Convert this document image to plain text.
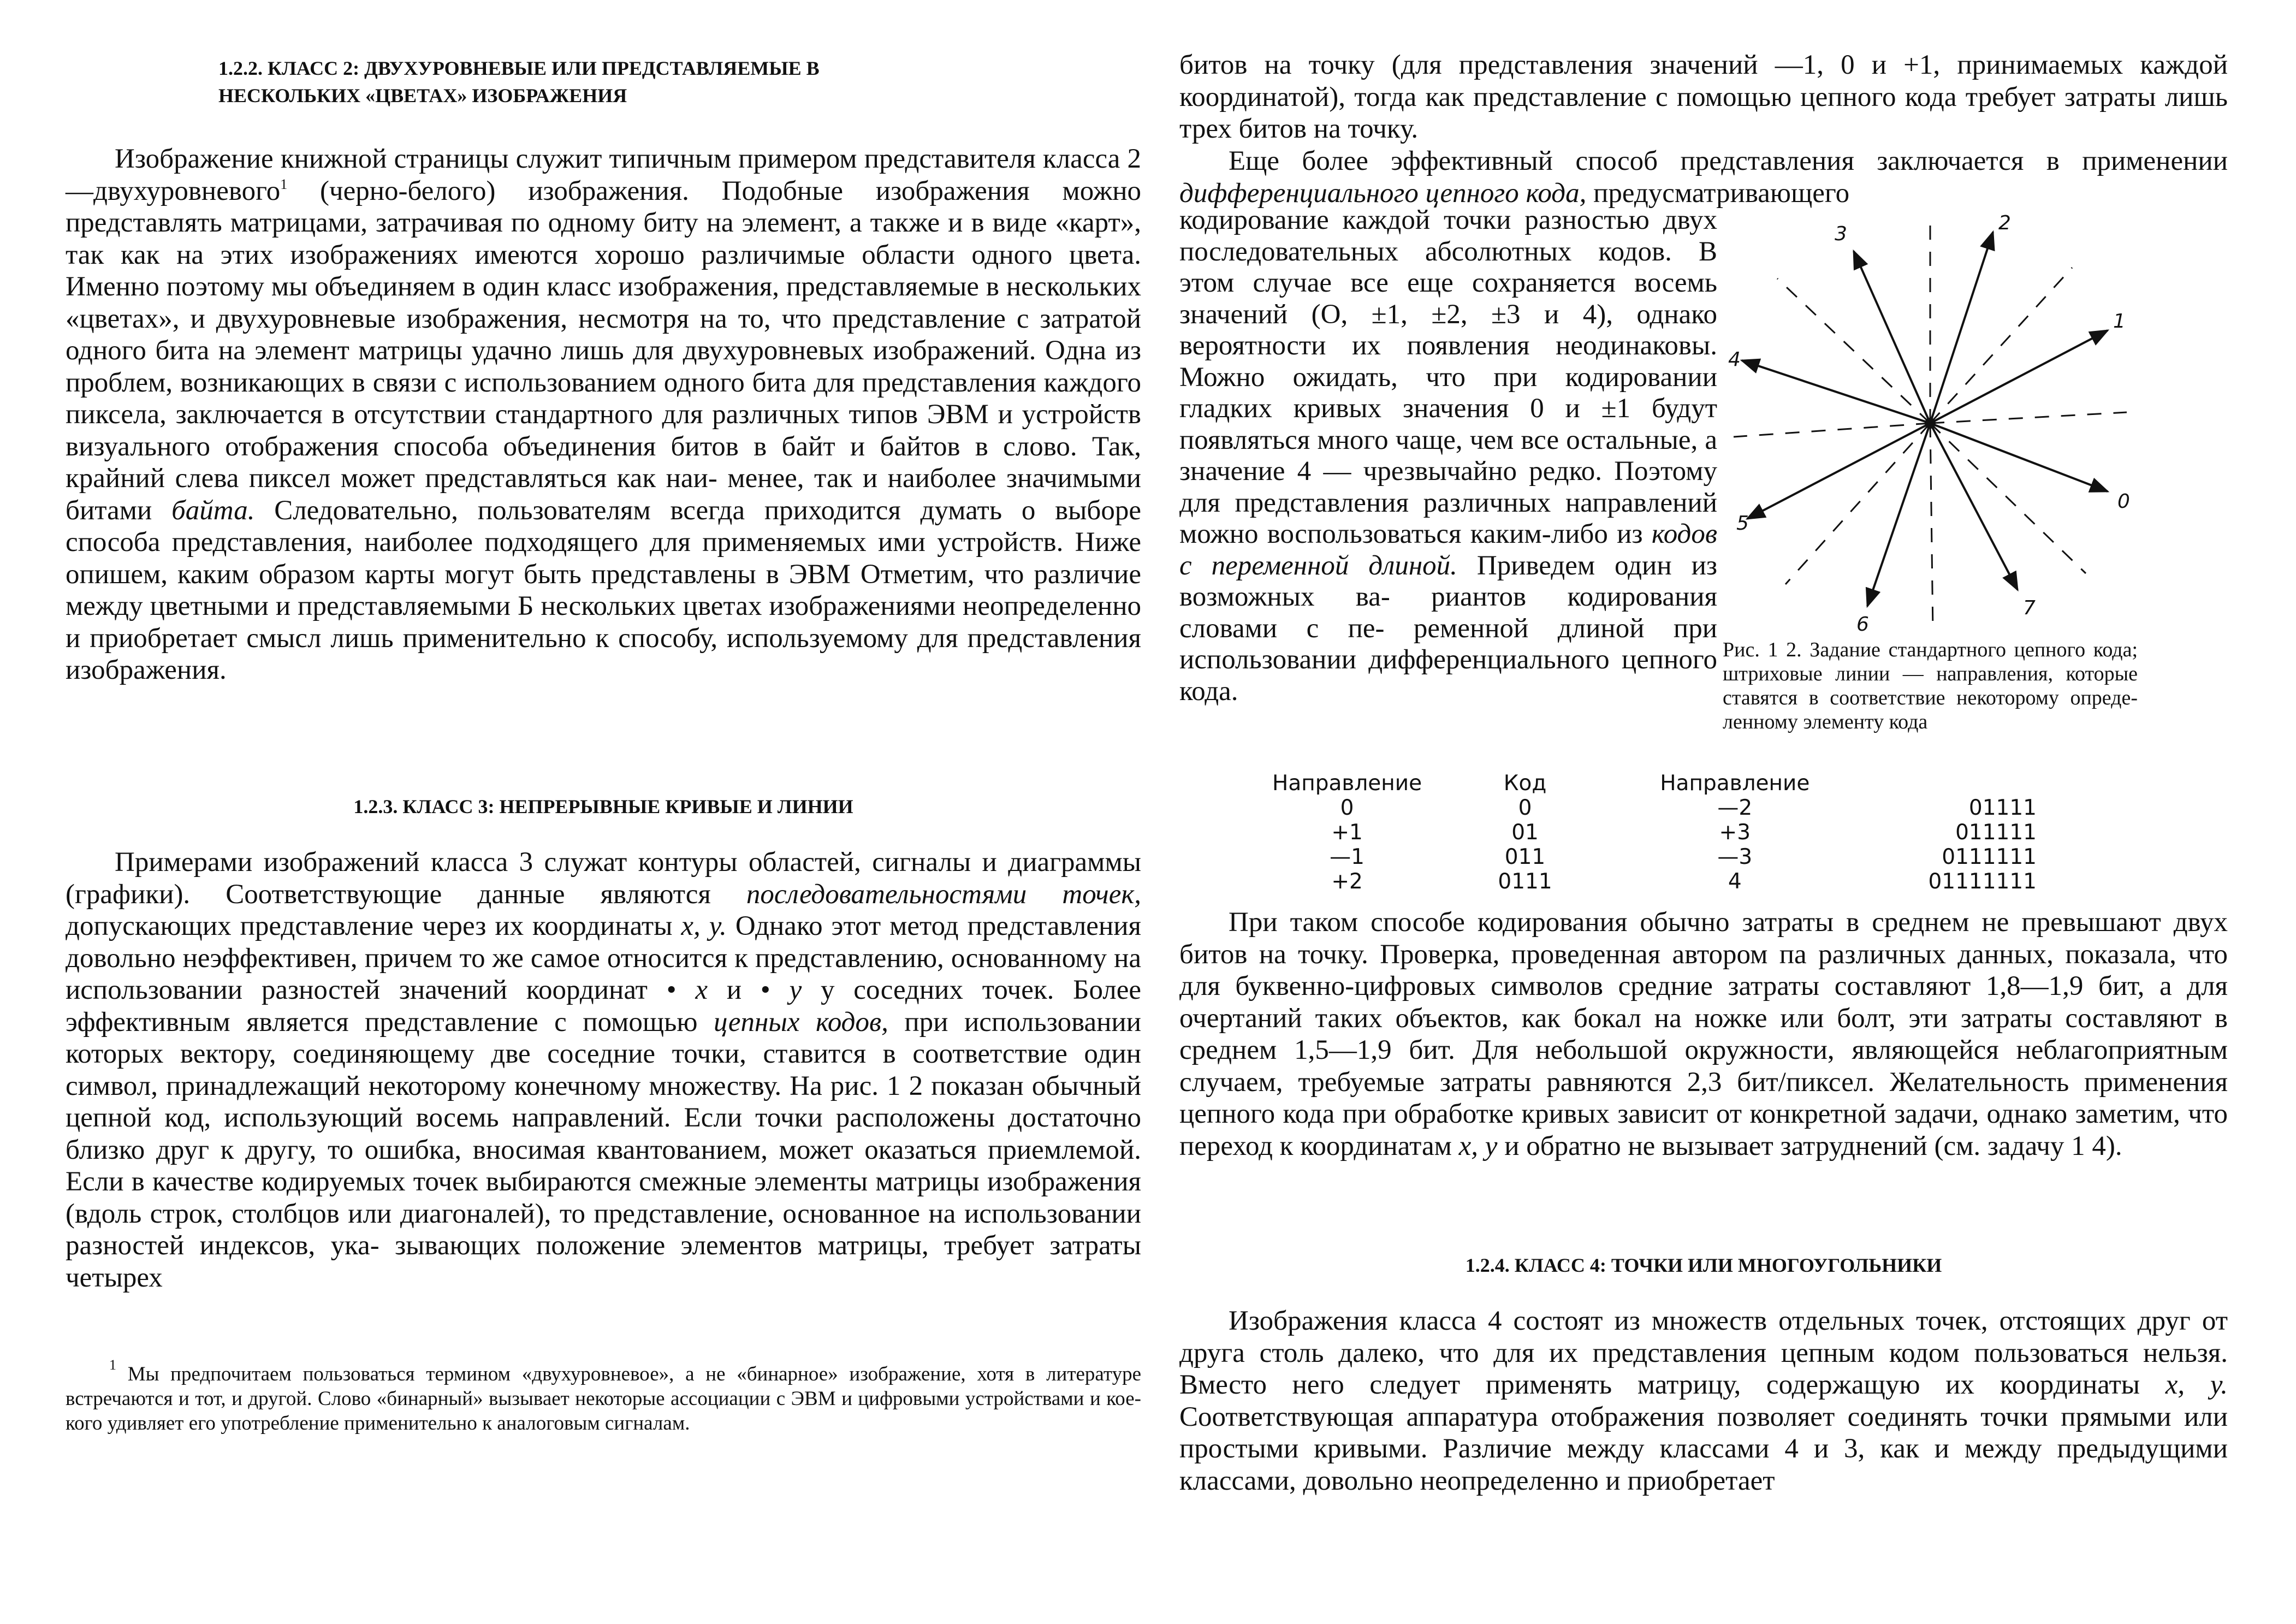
1.2.2. КЛАСС 2: ДВУХУРОВНЕВЫЕ ИЛИ ПРЕДСТАВЛЯЕМЫЕ В

НЕСКОЛЬКИХ «ЦВЕТАХ» ИЗОБРАЖЕНИЯ

Изображение книжной страницы служит типичным примером представителя класса 2—двухуровневого$^1$ (черно-белого) изображения. Подобные изображения можно представлять матрицами, затрачивая по одному биту на элемент, а также и в виде «карт», так как на этих изображениях имеются хорошо различимые области одного цвета. Именно поэтому мы объединяем в один класс изображения, представляемые в нескольких «цветах», и двухуровневые изображения, несмотря на то, что представление с затратой одного бита на элемент матрицы удачно лишь для двухуровневых изображений. Одна из проблем, возникающих в связи с использованием одного бита для представления каждого пиксела, заключается в отсутствии стандартного для различных типов ЭВМ и устройств визуального отображения способа объединения битов в байт и байтов в слово. Так, крайний слева пиксел может представляться как наи- менее, так и наиболее значимыми битами байта. Следовательно, пользователям всегда приходится думать о выборе способа представления, наиболее подходящего для применяемых ими устройств. Ниже опишем, каким образом карты могут быть представлены в ЭВМ Отметим, что различие между цветными и представляемыми Б нескольких цветах изображениями неопределенно и приобретает смысл лишь применительно к способу, используемому для представления изображения.

1.2.3. КЛАСС 3: НЕПРЕРЫВНЫЕ КРИВЫЕ И ЛИНИИ

Примерами изображений класса 3 служат контуры областей, сигналы и диаграммы (графики). Соответствующие данные являются последовательностями точек, допускающих представление через их координаты х, у. Однако этот метод представления довольно неэффективен, причем то же самое относится к представлению, основанному на использовании разностей значений координат • х и • у у соседних точек. Более эффективным является представление с помощью цепных кодов, при использовании которых вектору, соединяющему две соседние точки, ставится в соответствие один символ, принадлежащий некоторому конечному множеству. На рис. 1 2 показан обычный цепной код, использующий восемь направлений. Если точки расположены достаточно близко друг к другу, то ошибка, вносимая квантованием, может оказаться приемлемой. Если в качестве кодируемых точек выбираются смежные элементы матрицы изображения (вдоль строк, столбцов или диагоналей), то представление, основанное на использовании разностей индексов, ука- зывающих положение элементов матрицы, требует затраты четырех

$^1$ Мы предпочитаем пользоваться термином «двухуровневое», а не «бинарное» изображение, хотя в литературе встречаются и тот, и другой. Слово «бинарный» вызывает некоторые ассоциации с ЭВМ и цифровыми устройствами и кое-кого удивляет его употребление применительно к аналоговым сигналам.

битов на точку (для представления значений —1, 0 и +1, принимаемых каждой координатой), тогда как представление с помощью цепного кода требует затраты лишь трех битов на точку.

Еще более эффективный способ представления заключается в применении дифференциального цепного кода, предусматривающего

кодирование каждой точки разностью двух последовательных абсолютных кодов. В этом случае все еще сохраняется восемь значений (О, ±1, ±2, ±3 и 4), однако вероятности их появления неодинаковы. Можно ожидать, что при кодировании гладких кривых значения 0 и ±1 будут появляться много чаще, чем все остальные, а значение 4 — чрезвычайно редко. Поэтому для представления различных направлений можно воспользоваться каким-либо из кодов с переменной длиной. Приведем один из возможных ва- риантов кодирования словами с пе- ременной длиной при использовании дифференциального цепного кода.

0
1
2
3
4
5
6
7
Рис. 1 2. Задание стандартного цепного кода; штриховые линии — направления, которые ставятся в соответствие некоторому опреде- ленному элементу кода
Направление	Код	Направление	
0	0	—2	01111
+1	01	+3	011111
—1	011	—3	0111111
+2	0111	4	01111111

При таком способе кодирования обычно затраты в среднем не превышают двух битов на точку. Проверка, проведенная автором па различных данных, показала, что для буквенно-цифровых символов средние затраты составляют 1,8—1,9 бит, а для очертаний таких объектов, как бокал на ножке или болт, эти затраты составляют в среднем 1,5—1,9 бит. Для небольшой окружности, являющейся неблагоприятным случаем, требуемые затраты равняются 2,3 бит/пиксел. Желательность применения цепного кода при обработке кривых зависит от конкретной задачи, однако заметим, что переход к координатам х, у и обратно не вызывает затруднений (см. задачу 1 4).

1.2.4. КЛАСС 4: ТОЧКИ ИЛИ МНОГОУГОЛЬНИКИ

Изображения класса 4 состоят из множеств отдельных точек, отстоящих друг от друга столь далеко, что для их представления цепным кодом пользоваться нельзя. Вместо него следует применять матрицу, содержащую их координаты х, у. Соответствующая аппаратура отображения позволяет соединять точки прямыми или простыми кривыми. Различие между классами 4 и 3, как и между предыдущими классами, довольно неопределенно и приобретает
